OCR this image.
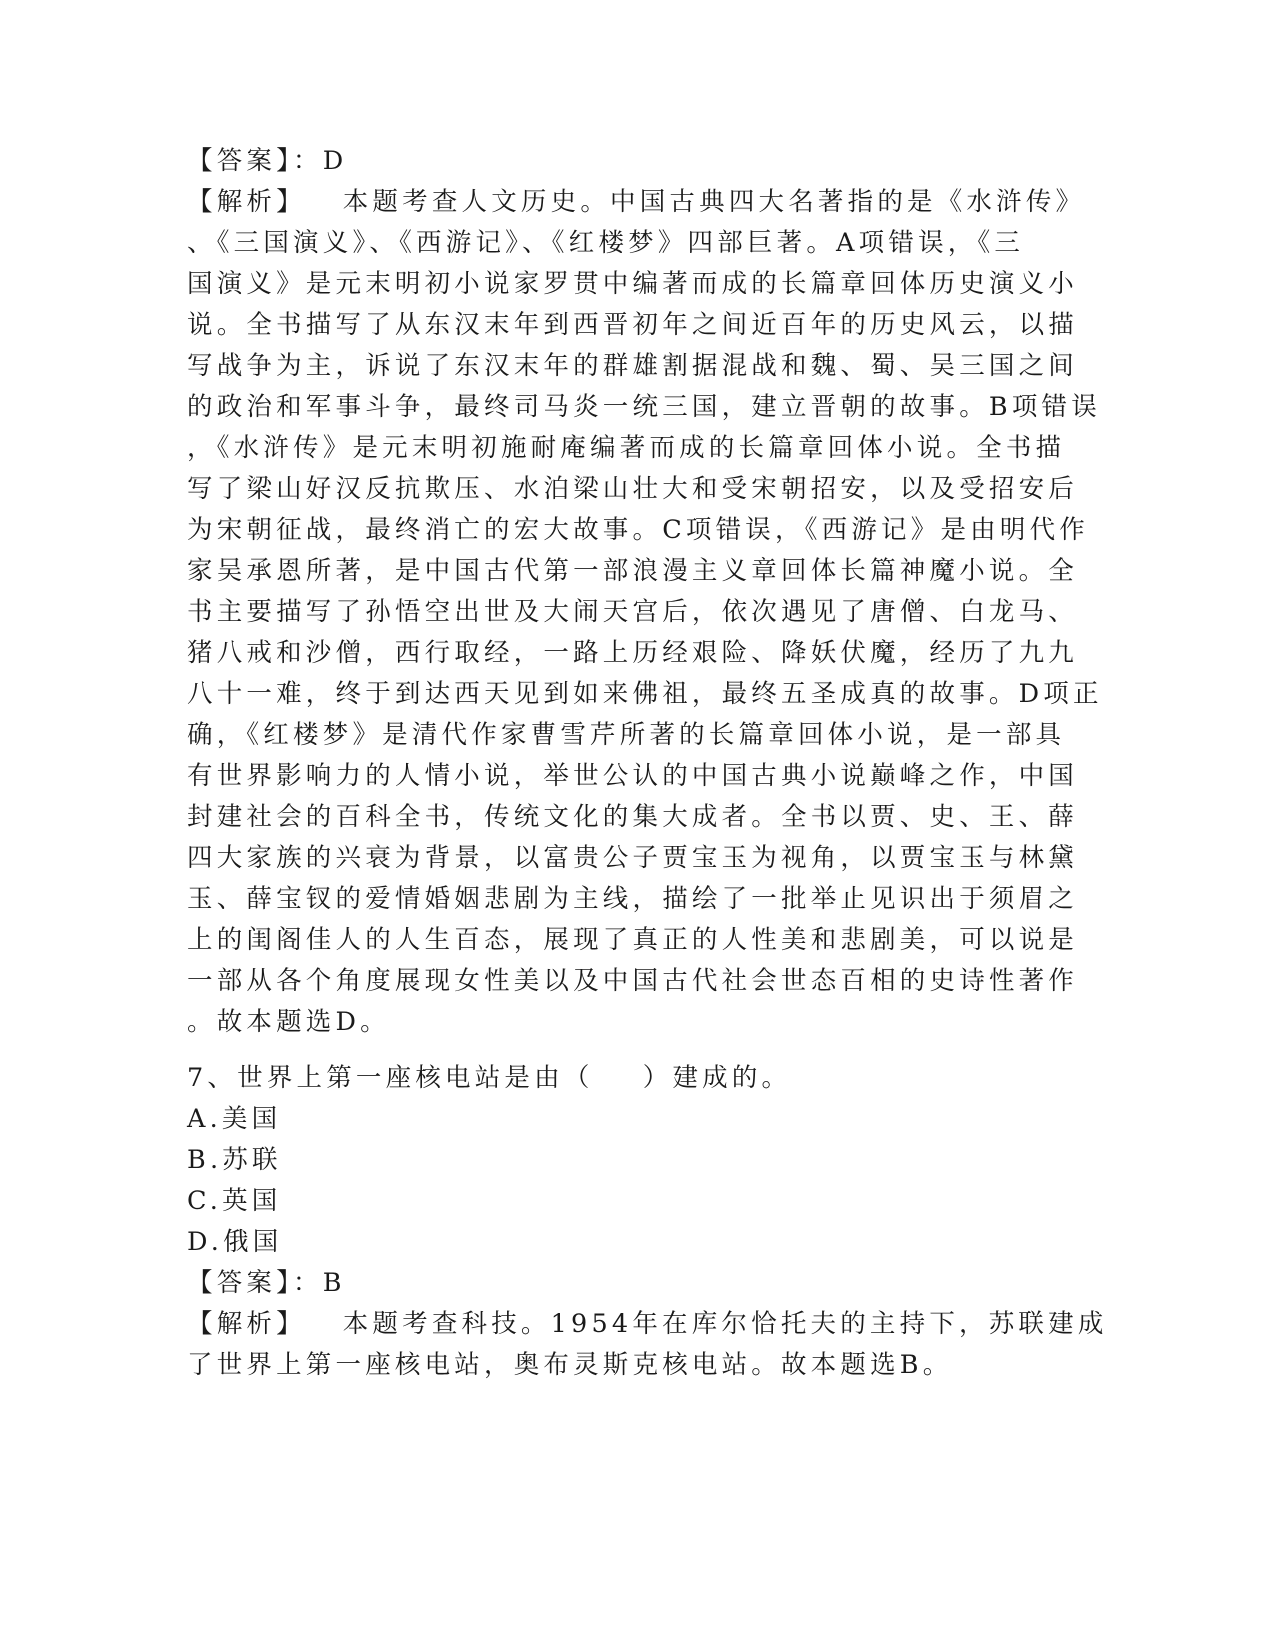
【答案】：D
【解析】   本题考查人文历史。中国古典四大名著指的是《水浒传》
、《三国演义》、《西游记》、《红楼梦》四部巨著。A项错误，《三
国演义》是元末明初小说家罗贯中编著而成的长篇章回体历史演义小
说。全书描写了从东汉末年到西晋初年之间近百年的历史风云，以描
写战争为主，诉说了东汉末年的群雄割据混战和魏、蜀、吴三国之间
的政治和军事斗争，最终司马炎一统三国，建立晋朝的故事。B项错误
，《水浒传》是元末明初施耐庵编著而成的长篇章回体小说。全书描
写了梁山好汉反抗欺压、水泊梁山壮大和受宋朝招安，以及受招安后
为宋朝征战，最终消亡的宏大故事。C项错误，《西游记》是由明代作
家吴承恩所著，是中国古代第一部浪漫主义章回体长篇神魔小说。全
书主要描写了孙悟空出世及大闹天宫后，依次遇见了唐僧、白龙马、
猪八戒和沙僧，西行取经，一路上历经艰险、降妖伏魔，经历了九九
八十一难，终于到达西天见到如来佛祖，最终五圣成真的故事。D项正
确，《红楼梦》是清代作家曹雪芹所著的长篇章回体小说，是一部具
有世界影响力的人情小说，举世公认的中国古典小说巅峰之作，中国
封建社会的百科全书，传统文化的集大成者。全书以贾、史、王、薛
四大家族的兴衰为背景，以富贵公子贾宝玉为视角，以贾宝玉与林黛
玉、薛宝钗的爱情婚姻悲剧为主线，描绘了一批举止见识出于须眉之
上的闺阁佳人的人生百态，展现了真正的人性美和悲剧美，可以说是
一部从各个角度展现女性美以及中国古代社会世态百相的史诗性著作
。故本题选D。
7、世界上第一座核电站是由（    ）建成的。
A.美国
B.苏联
C.英国
D.俄国
【答案】：B
【解析】   本题考查科技。1954年在库尔恰托夫的主持下，苏联建成
了世界上第一座核电站，奥布灵斯克核电站。故本题选B。
